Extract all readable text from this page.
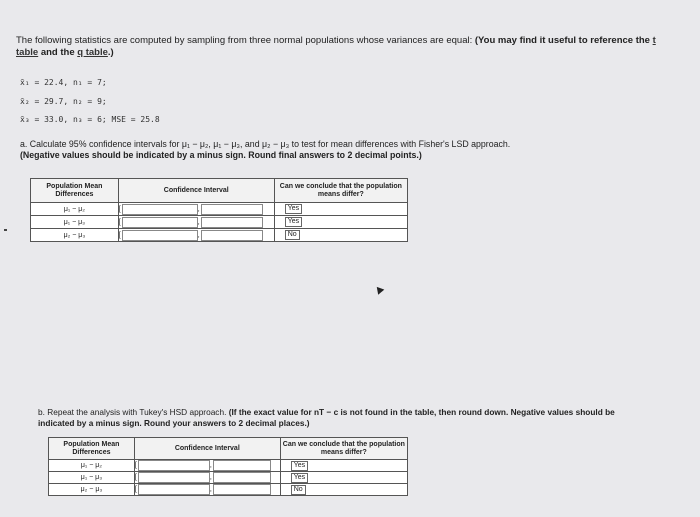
The following statistics are computed by sampling from three normal populations whose variances are equal: (You may find it useful to reference the t table and the q table.)
x̄₁ = 22.4, n₁ = 7;
x̄₂ = 29.7, n₂ = 9;
x̄₃ = 33.0, n₃ = 6; MSE = 25.8
a. Calculate 95% confidence intervals for μ₁ − μ₂, μ₁ − μ₃, and μ₂ − μ₃ to test for mean differences with Fisher's LSD approach.
(Negative values should be indicated by a minus sign. Round final answers to 2 decimal points.)
Population Mean Differences	Confidence Interval	Can we conclude that the population means differ?
μ₁ − μ₂	[ ,	Yes
μ₁ − μ₃	[ ,	Yes
μ₂ − μ₃	[ ,	No
b. Repeat the analysis with Tukey's HSD approach. (If the exact value for nT − c is not found in the table, then round down. Negative values should be indicated by a minus sign. Round your answers to 2 decimal places.)
Population Mean Differences	Confidence Interval	Can we conclude that the population means differ?
μ₁ − μ₂	[ ,	Yes
μ₁ − μ₃	[ ,	Yes
μ₂ − μ₃	[ ,	No
